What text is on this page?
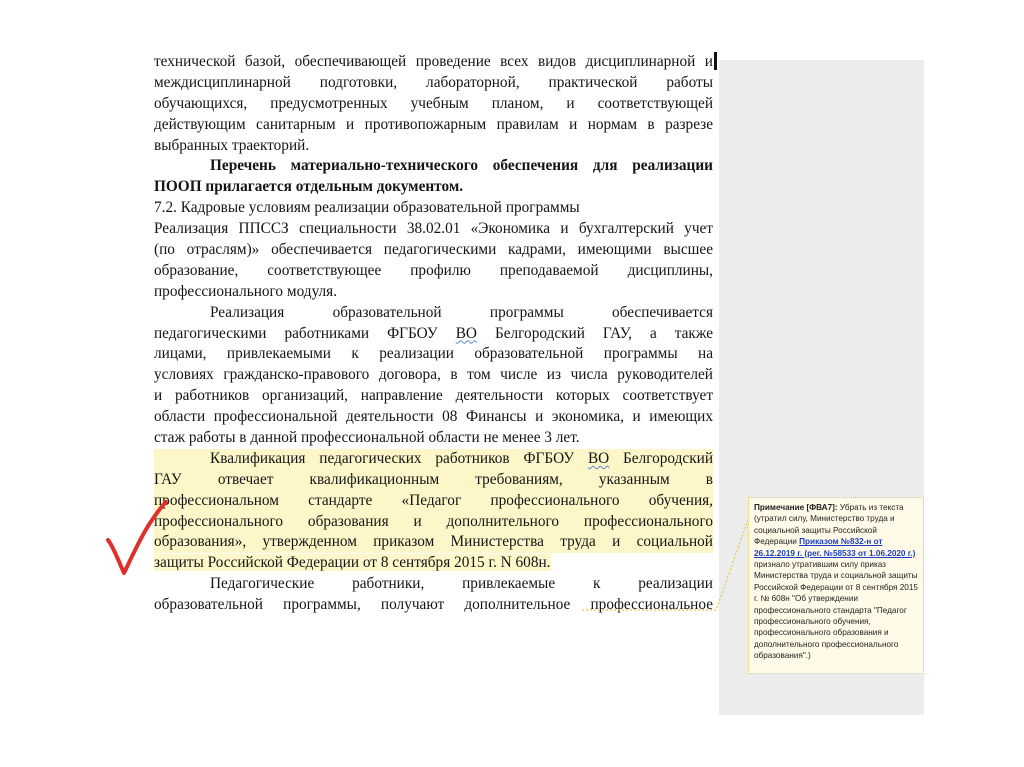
технической базой, обеспечивающей проведение всех видов дисциплинарной и
междисциплинарной подготовки, лабораторной, практической работы
обучающихся, предусмотренных учебным планом, и соответствующей
действующим санитарным и противопожарным правилам и нормам в разрезе
выбранных траекторий.
Перечень материально-технического обеспечения для реализации
ПООП прилагается отдельным документом.
7.2. Кадровые условиям реализации образовательной программы
Реализация ППССЗ специальности 38.02.01 «Экономика и бухгалтерский учет
(по отраслям)» обеспечивается педагогическими кадрами, имеющими высшее
образование, соответствующее профилю преподаваемой дисциплины,
профессионального модуля.
Реализация образовательной программы обеспечивается
педагогическими работниками ФГБОУ ВО Белгородский ГАУ, а также
лицами, привлекаемыми к реализации образовательной программы на
условиях гражданско-правового договора, в том числе из числа руководителей
и работников организаций, направление деятельности которых соответствует
области профессиональной деятельности 08 Финансы и экономика, и имеющих
стаж работы в данной профессиональной области не менее 3 лет.
Квалификация педагогических работников ФГБОУ ВО Белгородский
ГАУ отвечает квалификационным требованиям, указанным в
профессиональном стандарте «Педагог профессионального обучения,
профессионального образования и дополнительного профессионального
образования», утвержденном приказом Министерства труда и социальной
защиты Российской Федерации от 8 сентября 2015 г. N 608н.
Педагогические работники, привлекаемые к реализации
образовательной программы, получают дополнительное профессиональное
Примечание [ФВА7]: Убрать из текста (утратил силу, Министерство труда и социальной защиты Российской Федерации Приказом №832-н от 26.12.2019 г. (рег. №58533 от 1.06.2020 г.) признало утратившим силу приказ Министерства труда и социальной защиты Российской Федерации от 8 сентября 2015 г. № 608н "Об утверждении профессионального стандарта "Педагог профессионального обучения, профессионального образования и дополнительного профессионального образования".)
